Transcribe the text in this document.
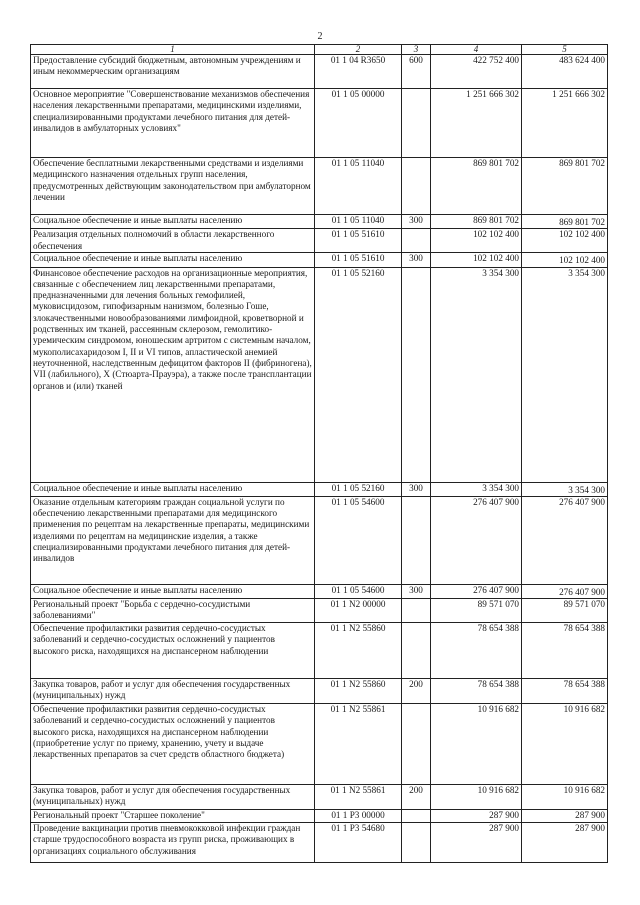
2
1	2	3	4	5
Предоставление субсидий бюджетным, автономным учреждениям и иным некоммерческим организациям	01 1 04 R3650	600	422 752 400	483 624 400
Основное мероприятие "Совершенствование механизмов обеспечения населения лекарственными препаратами, медицинскими изделиями, специализированными продуктами лечебного питания для детей-инвалидов в амбулаторных условиях"	01 1 05 00000		1 251 666 302	1 251 666 302
Обеспечение бесплатными лекарственными средствами и изделиями медицинского назначения отдельных групп населения, предусмотренных действующим законодательством при амбулаторном лечении	01 1 05 11040		869 801 702	869 801 702
Социальное обеспечение и иные выплаты населению	01 1 05 11040	300	869 801 702	869 801 702
Реализация отдельных полномочий в области лекарственного обеспечения	01 1 05 51610		102 102 400	102 102 400
Социальное обеспечение и иные выплаты населению	01 1 05 51610	300	102 102 400	102 102 400
Финансовое обеспечение расходов на организационные мероприятия, связанные с обеспечением лиц лекарственными препаратами, предназначенными для лечения больных гемофилией, муковисцидозом, гипофизарным нанизмом, болезнью Гоше, злокачественными новообразованиями лимфоидной, кроветворной и родственных им тканей, рассеянным склерозом, гемолитико-уремическим синдромом, юношеским артритом с системным началом, мукополисахаридозом I, II и VI типов, апластической анемией неуточненной, наследственным дефицитом факторов II (фибриногена), VII (лабильного), X (Стюарта-Прауэра), а также после трансплантации органов и (или) тканей	01 1 05 52160		3 354 300	3 354 300
Социальное обеспечение и иные выплаты населению	01 1 05 52160	300	3 354 300	3 354 300
Оказание отдельным категориям граждан социальной услуги по обеспечению лекарственными препаратами для медицинского применения по рецептам на лекарственные препараты, медицинскими изделиями по рецептам на медицинские изделия, а также специализированными продуктами лечебного питания для детей-инвалидов	01 1 05 54600		276 407 900	276 407 900
Социальное обеспечение и иные выплаты населению	01 1 05 54600	300	276 407 900	276 407 900
Региональный проект "Борьба с сердечно-сосудистыми заболеваниями"	01 1 N2 00000		89 571 070	89 571 070
Обеспечение профилактики развития сердечно-сосудистых заболеваний и сердечно-сосудистых осложнений у пациентов высокого риска, находящихся на диспансерном наблюдении	01 1 N2 55860		78 654 388	78 654 388
Закупка товаров, работ и услуг для обеспечения государственных (муниципальных) нужд	01 1 N2 55860	200	78 654 388	78 654 388
Обеспечение профилактики развития сердечно-сосудистых заболеваний и сердечно-сосудистых осложнений у пациентов высокого риска, находящихся на диспансерном наблюдении (приобретение услуг по приему, хранению, учету и выдаче лекарственных препаратов за счет средств областного бюджета)	01 1 N2 55861		10 916 682	10 916 682
Закупка товаров, работ и услуг для обеспечения государственных (муниципальных) нужд	01 1 N2 55861	200	10 916 682	10 916 682
Региональный проект "Старшее поколение"	01 1 P3 00000		287 900	287 900
Проведение вакцинации против пневмококковой инфекции граждан старше трудоспособного возраста из групп риска, проживающих в организациях социального обслуживания	01 1 P3 54680		287 900	287 900
